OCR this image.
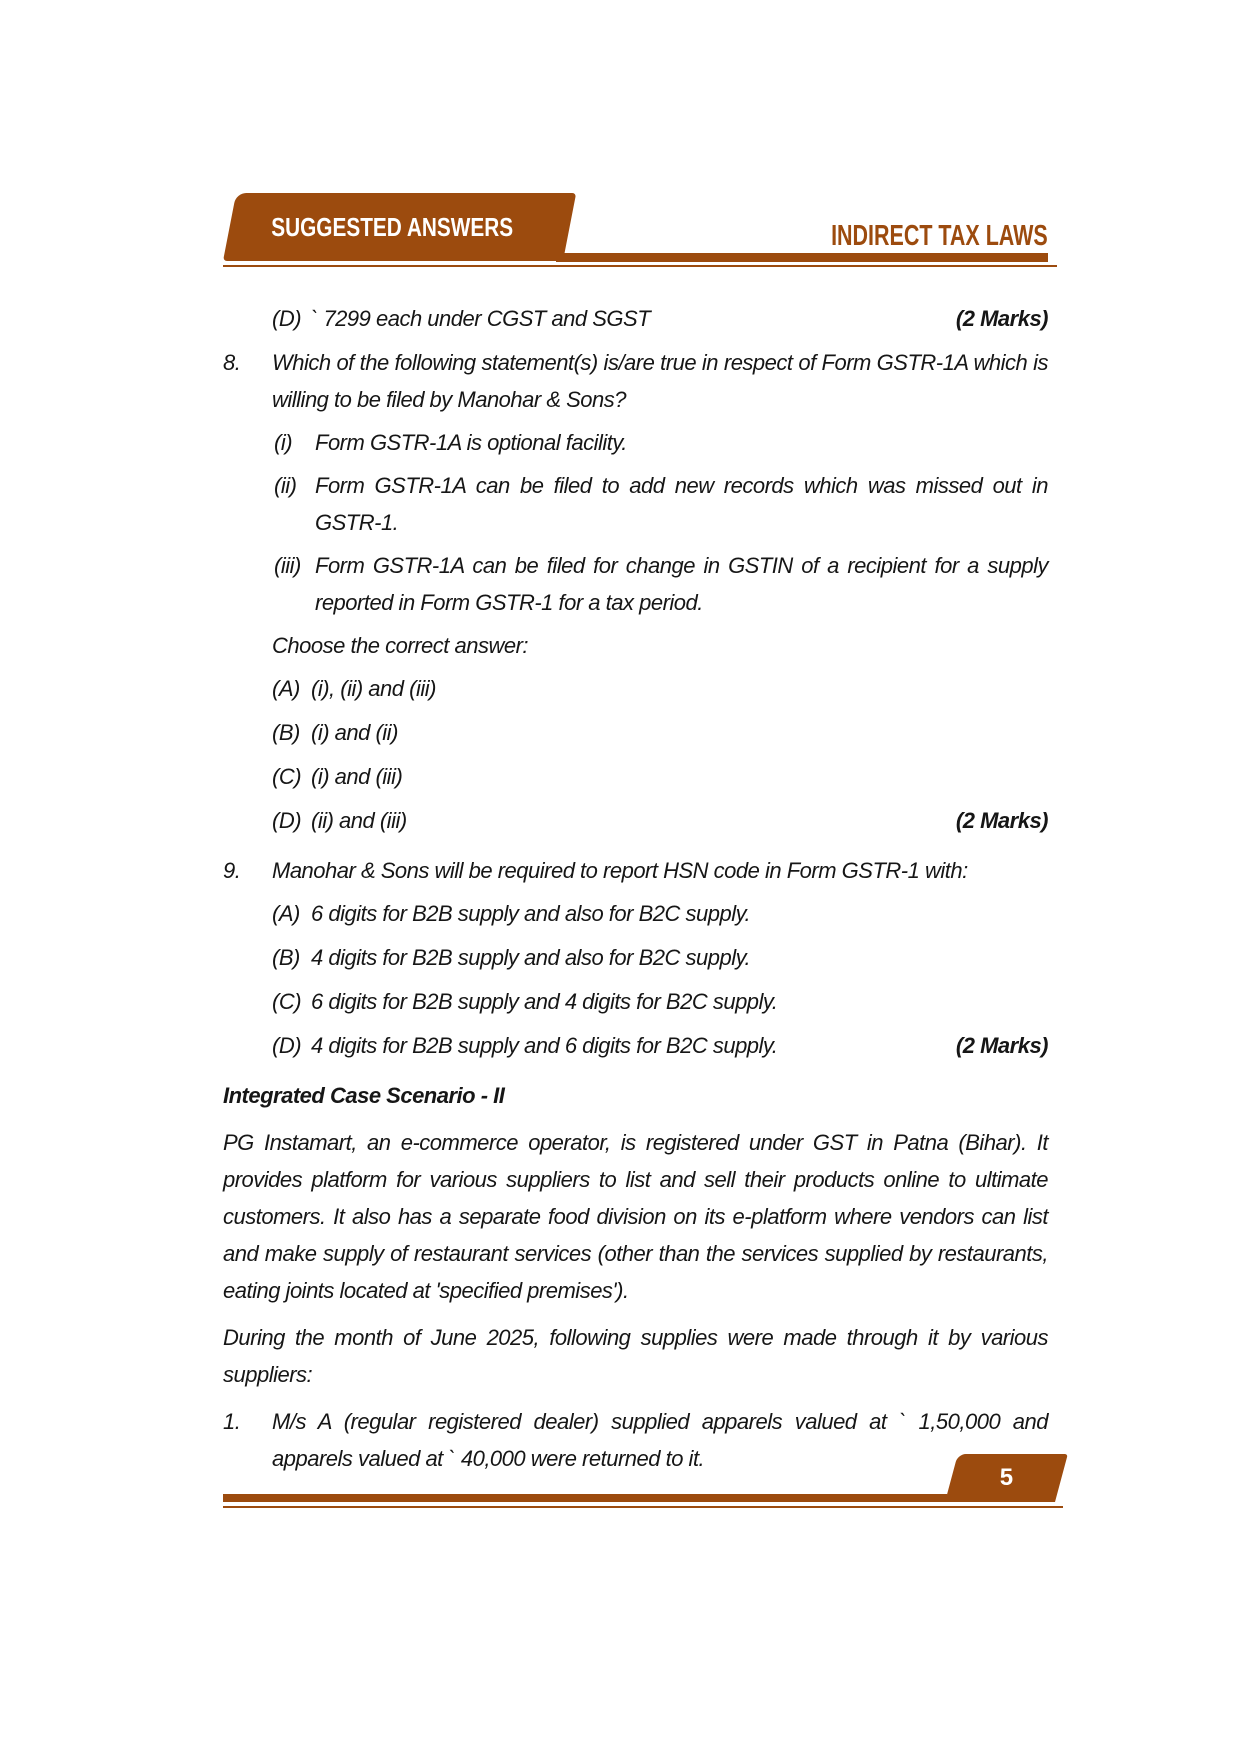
SUGGESTED ANSWERS	INDIRECT TAX LAWS
(D) ` 7299 each under CGST and SGST	(2 Marks)
8.	Which of the following statement(s) is/are true in respect of Form GSTR-1A which is willing to be filed by Manohar & Sons?
(i)	Form GSTR-1A is optional facility.
(ii) Form GSTR-1A can be filed to add new records which was missed out in GSTR-1.
(iii) Form GSTR-1A can be filed for change in GSTIN of a recipient for a supply reported in Form GSTR-1 for a tax period.
Choose the correct answer:
(A) (i), (ii) and (iii)
(B) (i) and (ii)
(C) (i) and (iii)
(D) (ii) and (iii)	(2 Marks)
9.	Manohar & Sons will be required to report HSN code in Form GSTR-1 with:
(A) 6 digits for B2B supply and also for B2C supply.
(B) 4 digits for B2B supply and also for B2C supply.
(C) 6 digits for B2B supply and 4 digits for B2C supply.
(D) 4 digits for B2B supply and 6 digits for B2C supply.	(2 Marks)
Integrated Case Scenario - II
PG Instamart, an e-commerce operator, is registered under GST in Patna (Bihar). It provides platform for various suppliers to list and sell their products online to ultimate customers. It also has a separate food division on its e-platform where vendors can list and make supply of restaurant services (other than the services supplied by restaurants, eating joints located at 'specified premises').
During the month of June 2025, following supplies were made through it by various suppliers:
1.	M/s A (regular registered dealer) supplied apparels valued at ` 1,50,000 and apparels valued at ` 40,000 were returned to it.
5
